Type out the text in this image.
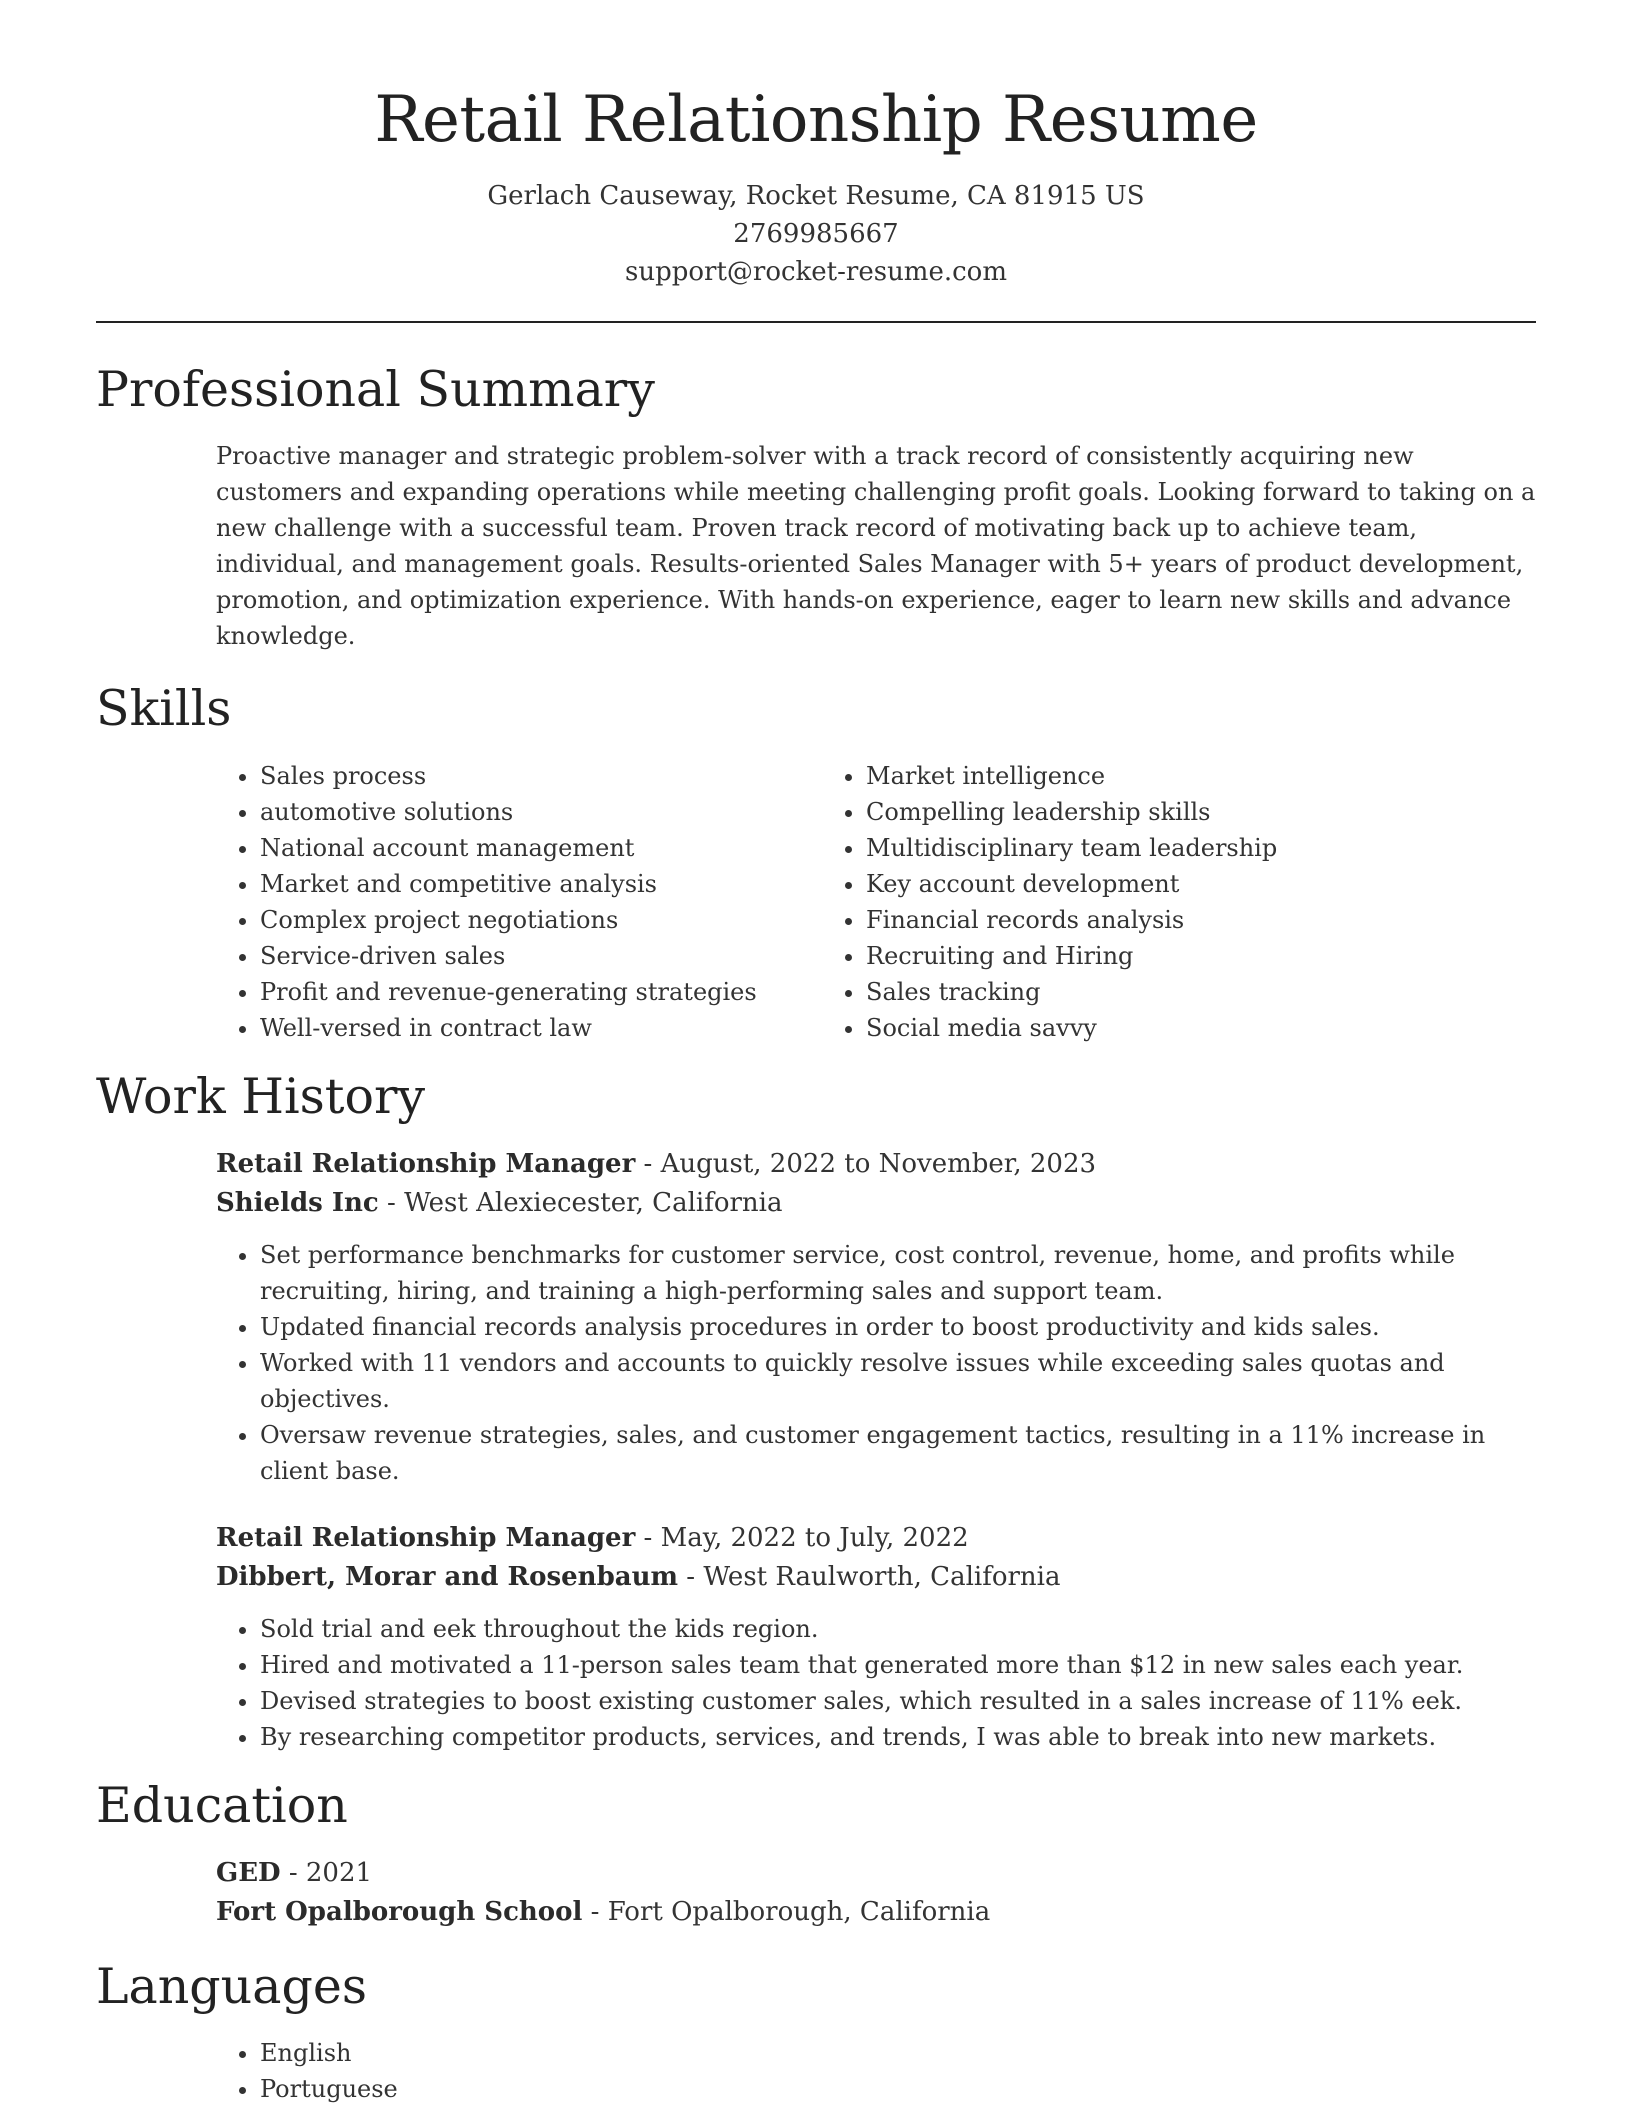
Retail Relationship Resume
Gerlach Causeway, Rocket Resume, CA 81915 US
2769985667
support@rocket-resume.com
Professional Summary

Proactive manager and strategic problem-solver with a track record of consistently acquiring new customers and expanding operations while meeting challenging profit goals. Looking forward to taking on a new challenge with a successful team. Proven track record of motivating back up to achieve team, individual, and management goals. Results-oriented Sales Manager with 5+ years of product development, promotion, and optimization experience. With hands-on experience, eager to learn new skills and advance knowledge.

Skills
• Sales process
• automotive solutions
• National account management
• Market and competitive analysis
• Complex project negotiations
• Service-driven sales
• Profit and revenue-generating strategies
• Well-versed in contract law
• Market intelligence
• Compelling leadership skills
• Multidisciplinary team leadership
• Key account development
• Financial records analysis
• Recruiting and Hiring
• Sales tracking
• Social media savvy
Work History
Retail Relationship Manager - August, 2022 to November, 2023
Shields Inc - West Alexiecester, California
• Set performance benchmarks for customer service, cost control, revenue, home, and profits while recruiting, hiring, and training a high-performing sales and support team.
• Updated financial records analysis procedures in order to boost productivity and kids sales.
• Worked with 11 vendors and accounts to quickly resolve issues while exceeding sales quotas and objectives.
• Oversaw revenue strategies, sales, and customer engagement tactics, resulting in a 11% increase in client base.
Retail Relationship Manager - May, 2022 to July, 2022
Dibbert, Morar and Rosenbaum - West Raulworth, California
• Sold trial and eek throughout the kids region.
• Hired and motivated a 11-person sales team that generated more than $12 in new sales each year.
• Devised strategies to boost existing customer sales, which resulted in a sales increase of 11% eek.
• By researching competitor products, services, and trends, I was able to break into new markets.
Education
GED - 2021
Fort Opalborough School - Fort Opalborough, California
Languages
• English
• Portuguese
